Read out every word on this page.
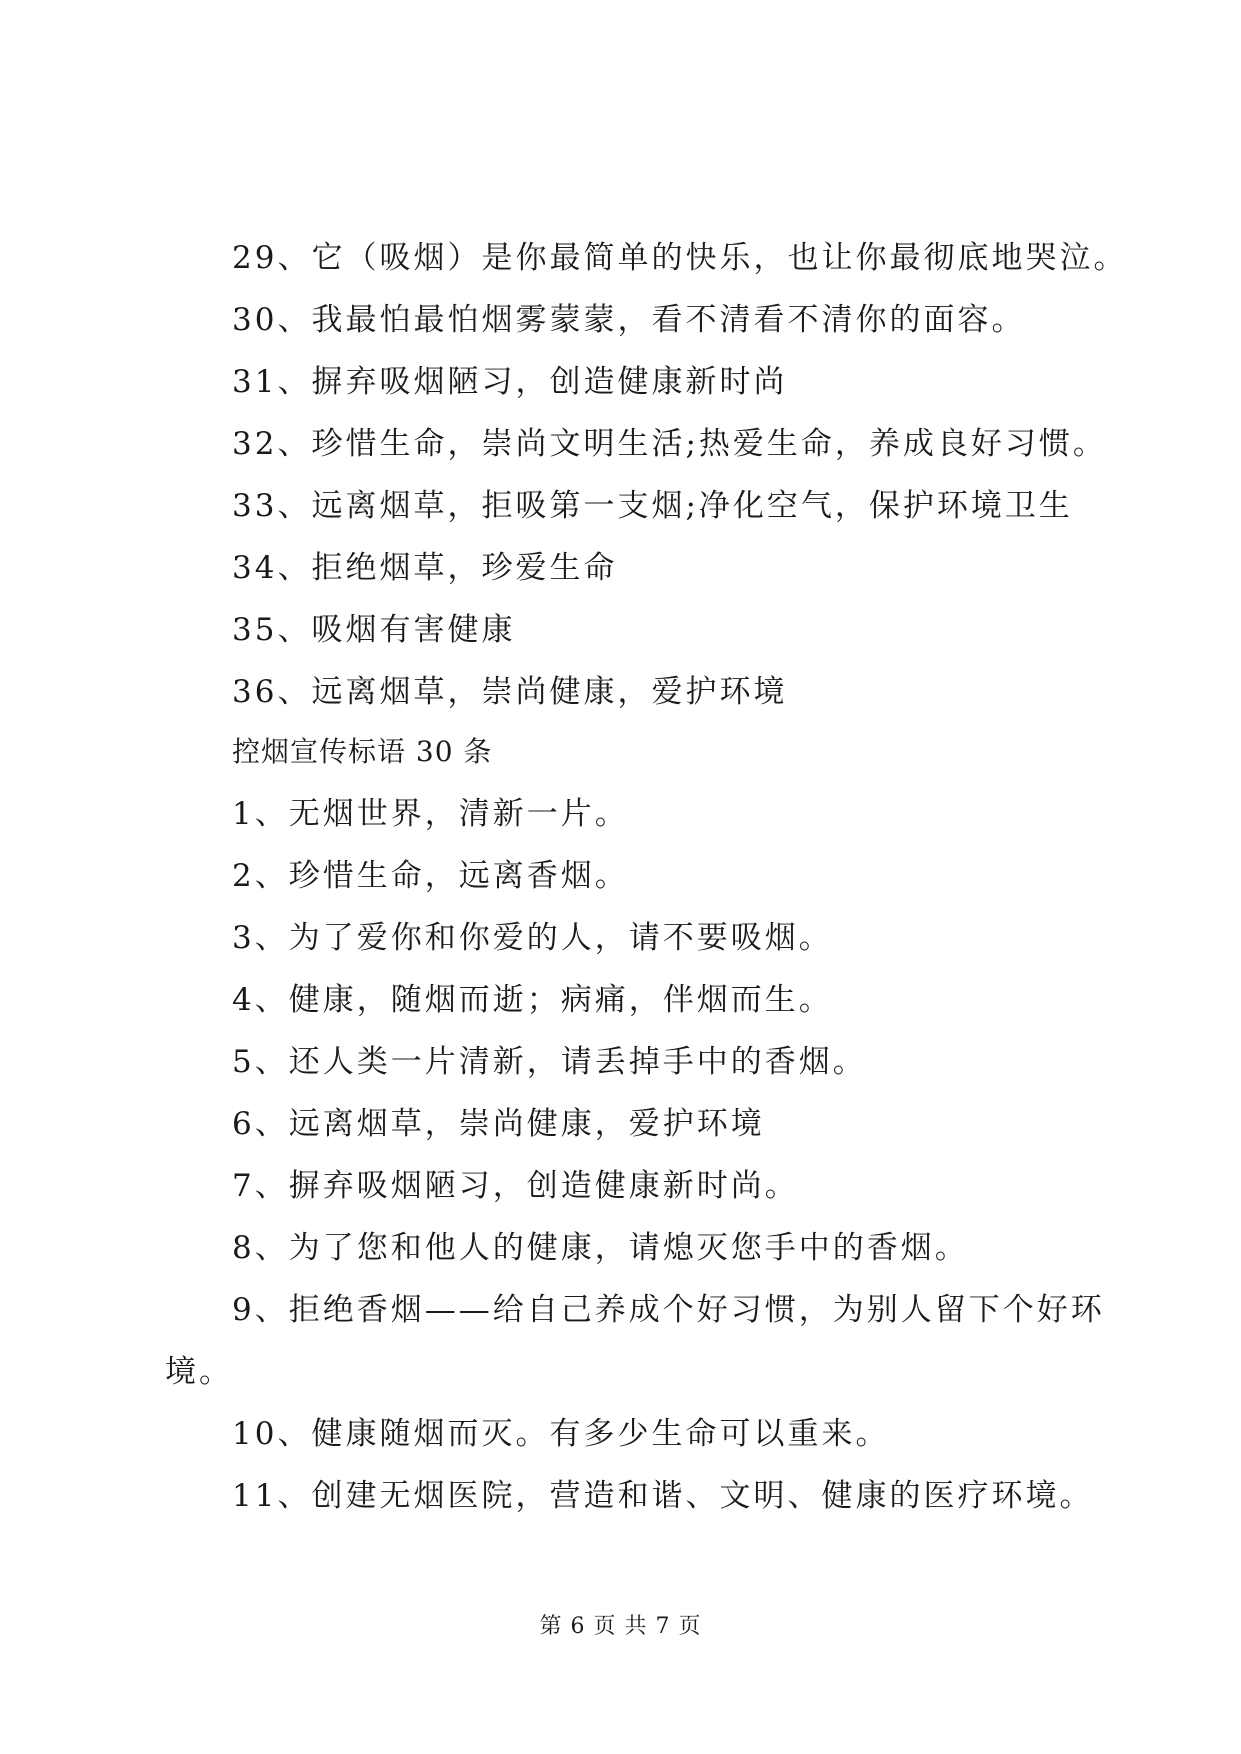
29、它（吸烟）是你最简单的快乐，也让你最彻底地哭泣。
30、我最怕最怕烟雾蒙蒙，看不清看不清你的面容。
31、摒弃吸烟陋习，创造健康新时尚
32、珍惜生命，崇尚文明生活;热爱生命，养成良好习惯。
33、远离烟草，拒吸第一支烟;净化空气，保护环境卫生
34、拒绝烟草，珍爱生命
35、吸烟有害健康
36、远离烟草，崇尚健康，爱护环境
控烟宣传标语 30 条
1、无烟世界，清新一片。
2、珍惜生命，远离香烟。
3、为了爱你和你爱的人，请不要吸烟。
4、健康，随烟而逝；病痛，伴烟而生。
5、还人类一片清新，请丢掉手中的香烟。
6、远离烟草，崇尚健康，爱护环境
7、摒弃吸烟陋习，创造健康新时尚。
8、为了您和他人的健康，请熄灭您手中的香烟。
9、拒绝香烟——给自己养成个好习惯，为别人留下个好环
境。
10、健康随烟而灭。有多少生命可以重来。
11、创建无烟医院，营造和谐、文明、健康的医疗环境。
第 6 页 共 7 页
